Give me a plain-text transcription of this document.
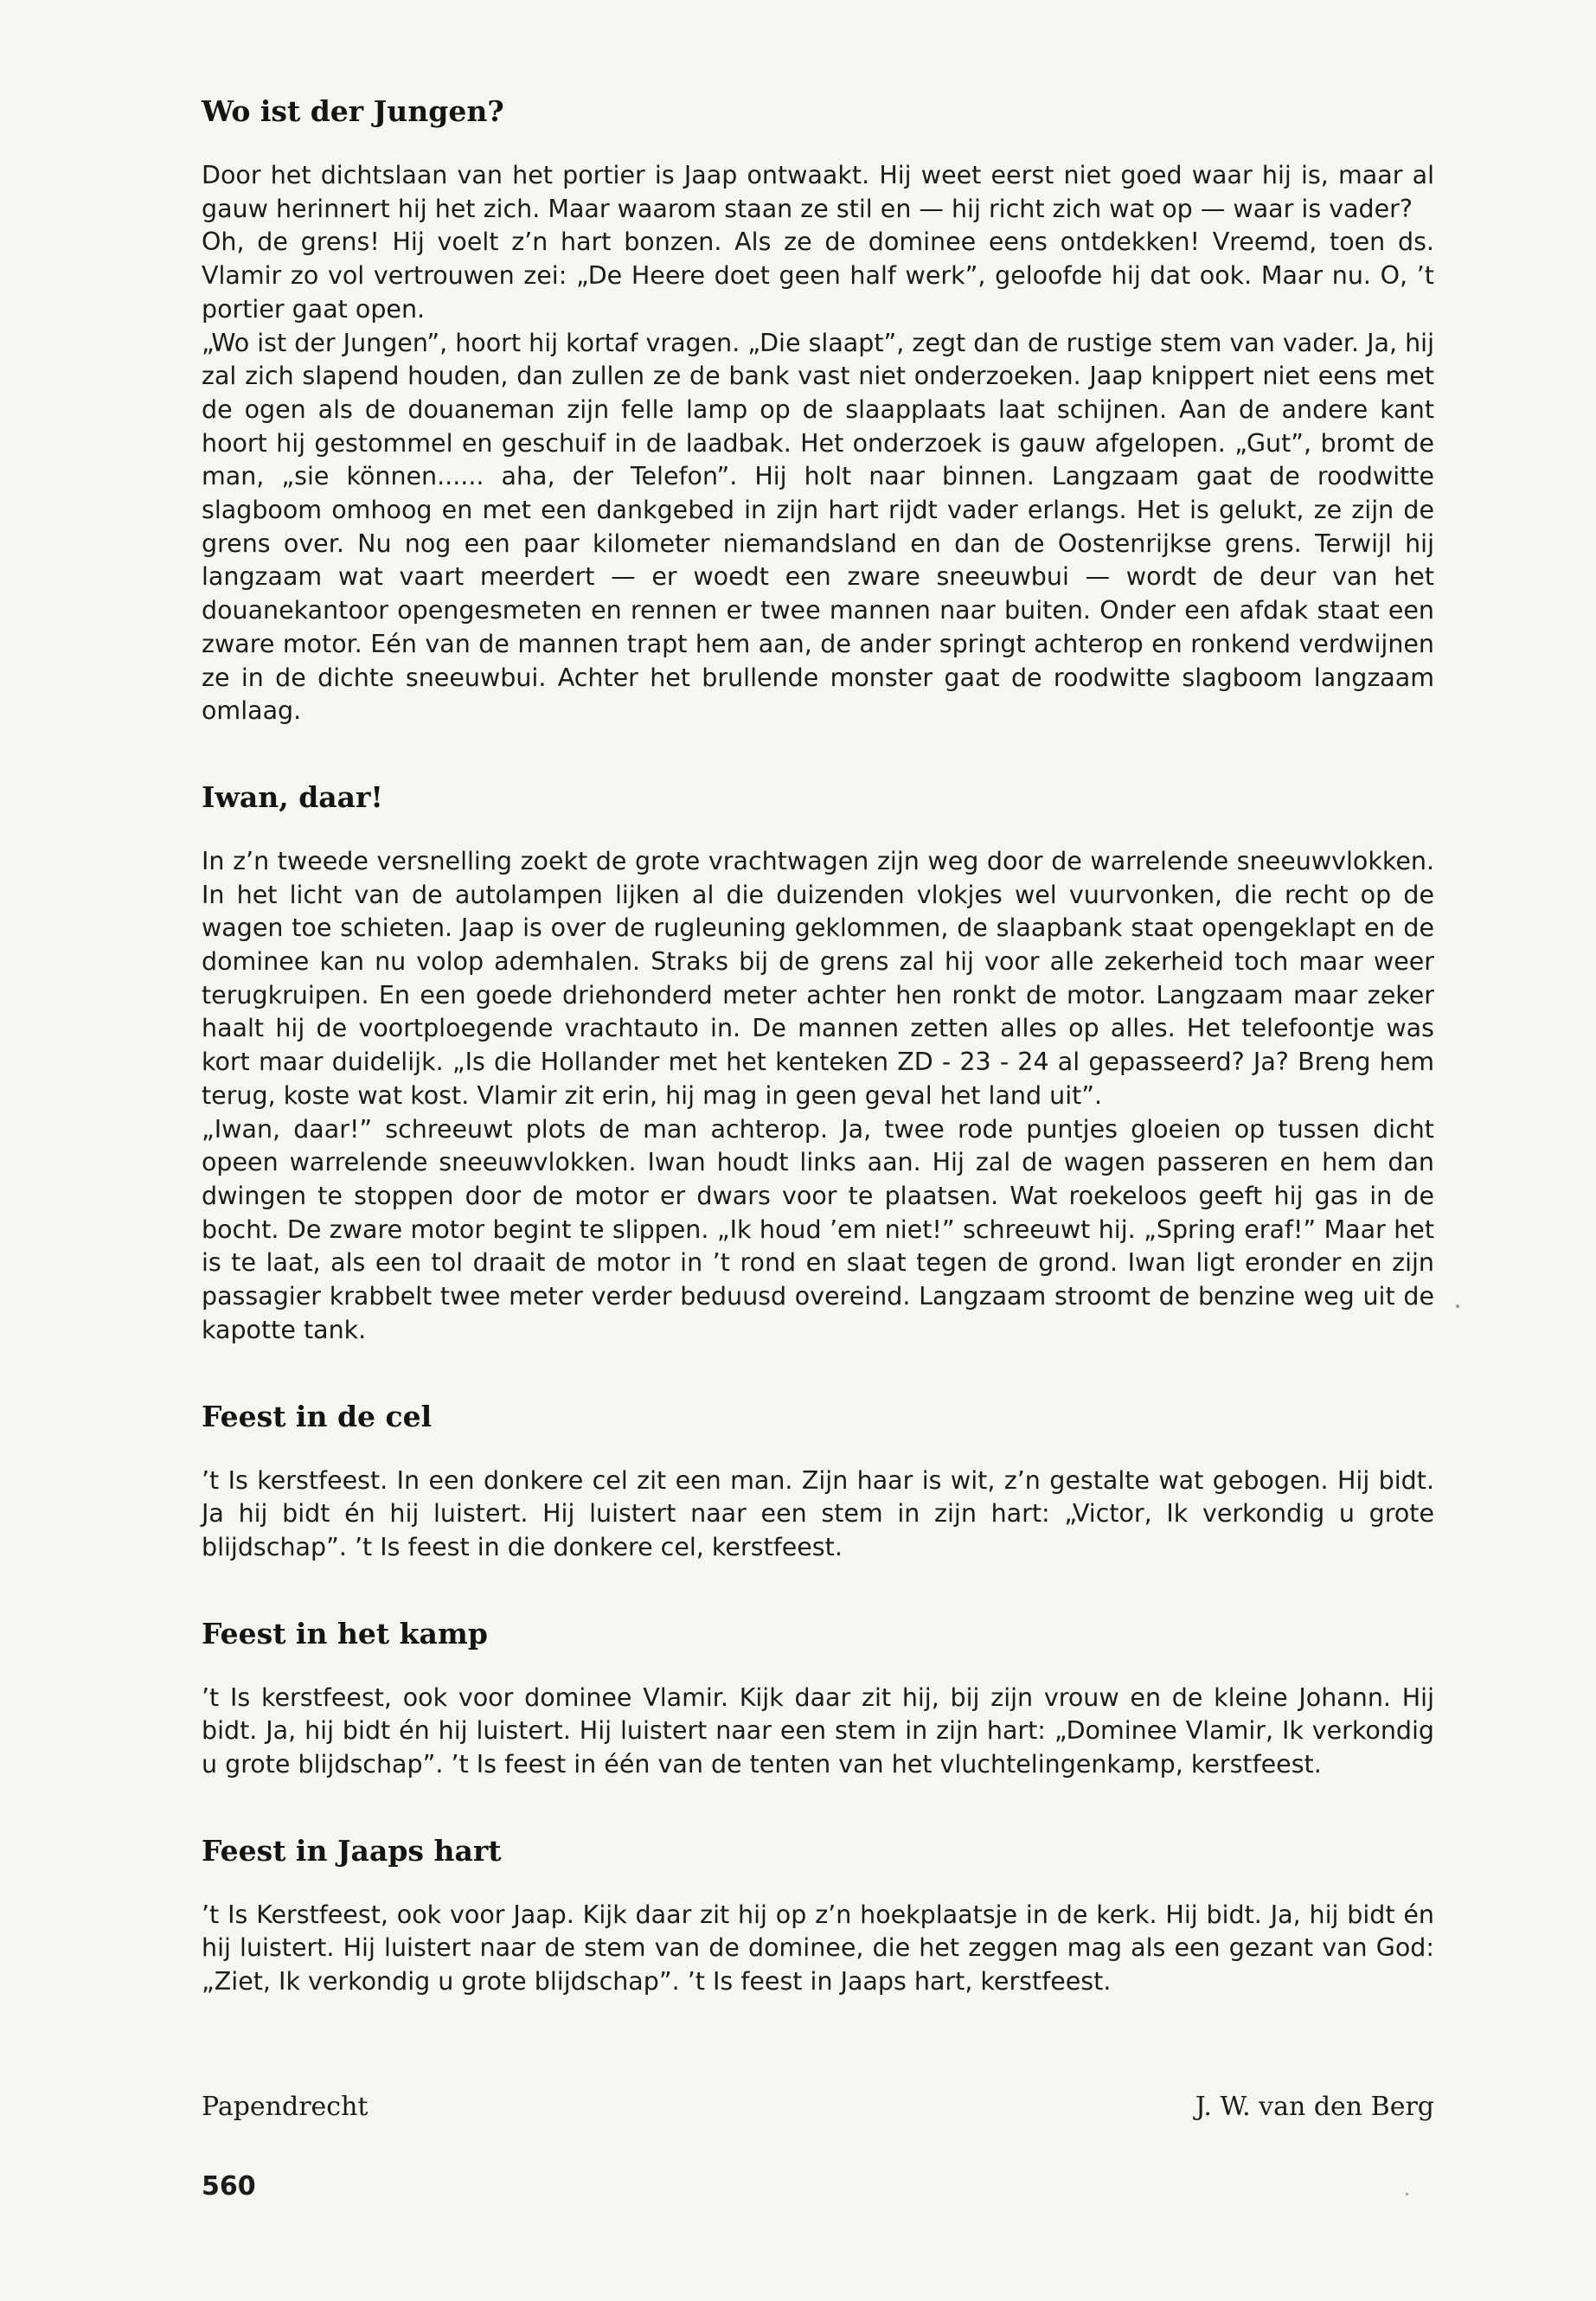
Wo ist der Jungen?

Door het dichtslaan van het portier is Jaap ontwaakt. Hij weet eerst niet goed waar hij is, maar al gauw herinnert hij het zich. Maar waarom staan ze stil en — hij richt zich wat op — waar is vader?

Oh, de grens! Hij voelt z’n hart bonzen. Als ze de dominee eens ontdekken! Vreemd, toen ds. Vlamir zo vol vertrouwen zei: „De Heere doet geen half werk”, geloofde hij dat ook. Maar nu. O, ’t portier gaat open.

„Wo ist der Jungen”, hoort hij kortaf vragen. „Die slaapt”, zegt dan de rustige stem van vader. Ja, hij zal zich slapend houden, dan zullen ze de bank vast niet onderzoeken. Jaap knippert niet eens met de ogen als de douaneman zijn felle lamp op de slaapplaats laat schijnen. Aan de andere kant hoort hij gestommel en geschuif in de laadbak. Het onderzoek is gauw afgelopen. „Gut”, bromt de man, „sie können...... aha, der Telefon”. Hij holt naar binnen. Langzaam gaat de roodwitte slagboom omhoog en met een dankgebed in zijn hart rijdt vader erlangs. Het is gelukt, ze zijn de grens over. Nu nog een paar kilometer niemandsland en dan de Oostenrijkse grens. Terwijl hij langzaam wat vaart meerdert — er woedt een zware sneeuwbui — wordt de deur van het douanekantoor opengesmeten en rennen er twee mannen naar buiten. Onder een afdak staat een zware motor. Eén van de mannen trapt hem aan, de ander springt achterop en ronkend verdwijnen ze in de dichte sneeuwbui. Achter het brullende monster gaat de roodwitte slagboom langzaam omlaag.

Iwan, daar!

In z’n tweede versnelling zoekt de grote vrachtwagen zijn weg door de warrelende sneeuwvlokken. In het licht van de autolampen lijken al die duizenden vlokjes wel vuurvonken, die recht op de wagen toe schieten. Jaap is over de rugleuning geklommen, de slaapbank staat opengeklapt en de dominee kan nu volop ademhalen. Straks bij de grens zal hij voor alle zekerheid toch maar weer terugkruipen. En een goede driehonderd meter achter hen ronkt de motor. Langzaam maar zeker haalt hij de voortploegende vrachtauto in. De mannen zetten alles op alles. Het telefoontje was kort maar duidelijk. „Is die Hollander met het kenteken ZD - 23 - 24 al gepasseerd? Ja? Breng hem terug, koste wat kost. Vlamir zit erin, hij mag in geen geval het land uit”.

„Iwan, daar!” schreeuwt plots de man achterop. Ja, twee rode puntjes gloeien op tussen dicht opeen warrelende sneeuwvlokken. Iwan houdt links aan. Hij zal de wagen passeren en hem dan dwingen te stoppen door de motor er dwars voor te plaatsen. Wat roekeloos geeft hij gas in de bocht. De zware motor begint te slippen. „Ik houd ’em niet!” schreeuwt hij. „Spring eraf!” Maar het is te laat, als een tol draait de motor in ’t rond en slaat tegen de grond. Iwan ligt eronder en zijn passagier krabbelt twee meter verder beduusd overeind. Langzaam stroomt de benzine weg uit de kapotte tank.

Feest in de cel

’t Is kerstfeest. In een donkere cel zit een man. Zijn haar is wit, z’n gestalte wat gebogen. Hij bidt. Ja hij bidt én hij luistert. Hij luistert naar een stem in zijn hart: „Victor, Ik verkondig u grote blijdschap”. ’t Is feest in die donkere cel, kerstfeest.

Feest in het kamp

’t Is kerstfeest, ook voor dominee Vlamir. Kijk daar zit hij, bij zijn vrouw en de kleine Johann. Hij bidt. Ja, hij bidt én hij luistert. Hij luistert naar een stem in zijn hart: „Dominee Vlamir, Ik verkondig u grote blijdschap”. ’t Is feest in één van de tenten van het vluchtelingenkamp, kerstfeest.

Feest in Jaaps hart

’t Is Kerstfeest, ook voor Jaap. Kijk daar zit hij op z’n hoekplaatsje in de kerk. Hij bidt. Ja, hij bidt én hij luistert. Hij luistert naar de stem van de dominee, die het zeggen mag als een gezant van God: „Ziet, Ik verkondig u grote blijdschap”. ’t Is feest in Jaaps hart, kerstfeest.

Papendrecht	J. W. van den Berg
560
